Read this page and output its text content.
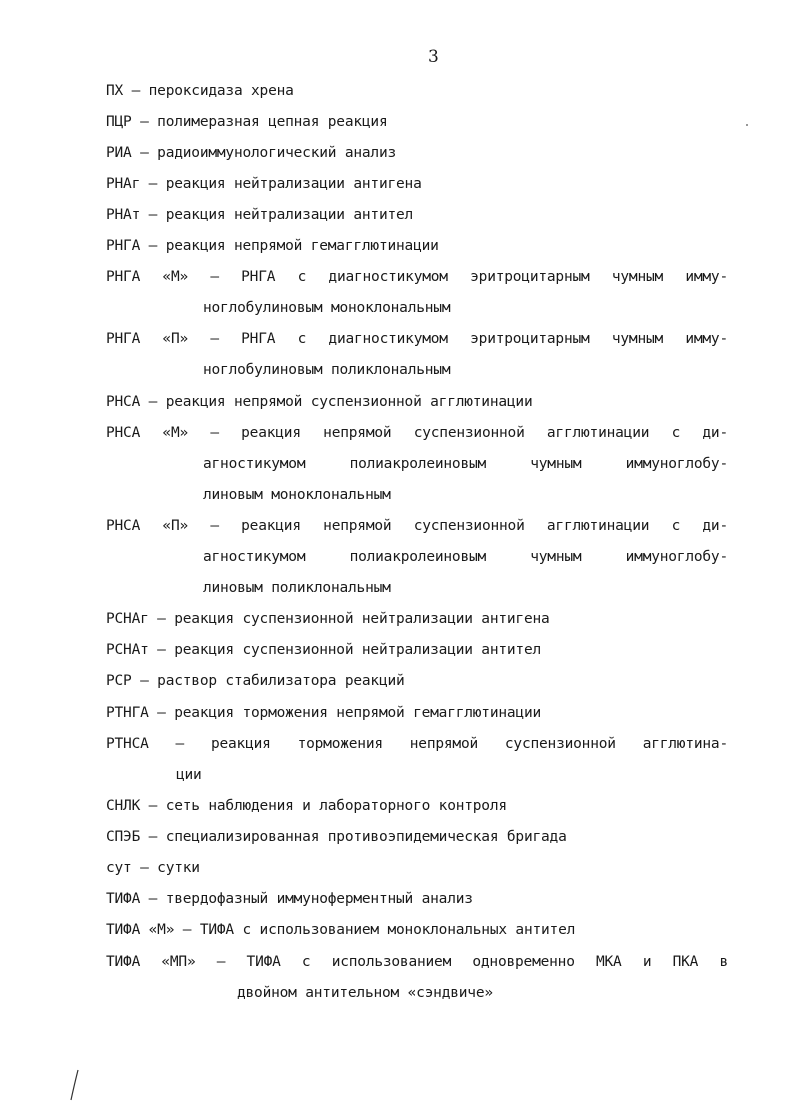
3
ПХ – пероксидаза хрена
ПЦР – полимеразная цепная реакция
РИА – радиоиммунологический анализ
РНАг – реакция нейтрализации антигена
РНАт – реакция нейтрализации антител
РНГА – реакция непрямой гемагглютинации
РНГА «М» – РНГА с диагностикумом эритроцитарным чумным имму-
ноглобулиновым моноклональным
РНГА «П» – РНГА с диагностикумом эритроцитарным чумным имму-
ноглобулиновым поликлональным
РНСА – реакция непрямой суспензионной агглютинации
РНСА «М» – реакция непрямой суспензионной агглютинации с ди-
агностикумом полиакролеиновым чумным иммуноглобу-
линовым моноклональным
РНСА «П» – реакция непрямой суспензионной агглютинации с ди-
агностикумом полиакролеиновым чумным иммуноглобу-
линовым поликлональным
РСНАг – реакция суспензионной нейтрализации антигена
РСНАт – реакция суспензионной нейтрализации антител
РСР – раствор стабилизатора реакций
РТНГА – реакция торможения непрямой гемагглютинации
РТНСА – реакция торможения непрямой суспензионной агглютина-
ции
СНЛК – сеть наблюдения и лабораторного контроля
СПЭБ – специализированная противоэпидемическая бригада
сут – сутки
ТИФА – твердофазный иммуноферментный анализ
ТИФА «М» – ТИФА с использованием моноклональных антител
ТИФА «МП» – ТИФА с использованием одновременно МКА и ПКА в
двойном антительном «сэндвиче»
